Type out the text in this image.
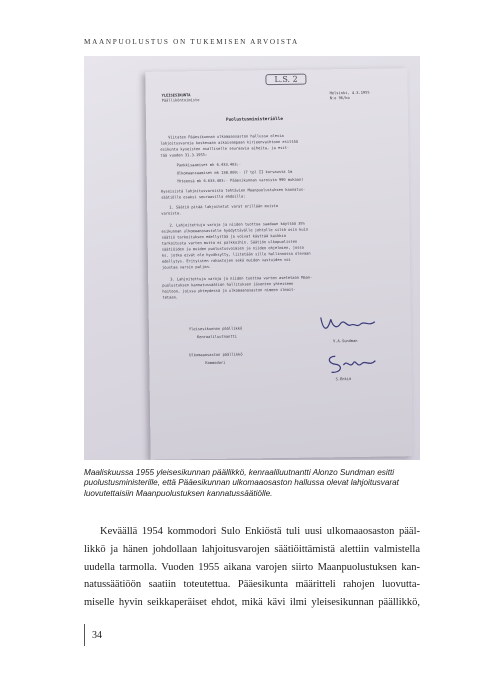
MAANPUOLUSTUS ON TUKEMISEN ARVOISTA
L.S. 2
YLEISESIKUNTA
Päälliköntoimisto
Helsinki, 4.3.1955
N:o 96/ko
Puolustusministeriölle
Viitaten Pääesikunnan ulkomaaosaston hallussa olevia
lahjoitusvaroja koskevaan aikaisempaan kirjeenvaihtoon esittää
esikunta kyseisten osalliselle seuraavia aiheita, ja esit-
tää vuoden 31.3.1955:
Pankkisaamiset mk 6.433.403:-
Ulkomaansaamiset mk 138.000:- (7 tpl II korvausta 1m
Yhteensä mk 6.633.403:- Pääesikunnan varoista 990 mukaan)
Kyseisistä lahjoitusvaroista tehtävien Maanpuolustuksen kannatus-
säätiölle osaksi seuraavilla ehdoilla:
1. Säätiö pitää lahjoitetut varat erillään muista
varoista.
2. Lahjoitettuja varoja ja niiden tuottoa saadaan käyttää 35%
esikunnan ulkomaanosastolle hyödyttävälle johtolle siltä osin kuin
säätiö tarkoituksen edellyttää ja voivat käyttää kaikkia
tarkoitusta varten mutta ei palkkoihin. Säätiön ulkopuolisten
säätiöiden ja muiden puolustusvoimien ja niiden ohjelmien, jossa
ks. jotka eivät ole hyväksytty, liitetään sille hallinnossa olevaan
edellytys. Erityisten rahastojen sekä muiden vastuiden voi
joustaa varsin paljon.
3. Lahjoitettuja varoja ja niiden tuottoa varten asetetaan Maan-
puolustuksen kannatussäätiön hallituksen jäsenten yhteiseen
hoitoon, joissa yhteydessä ja ulkomaanosaston nimeen ilmoit-
tetaan.
Yleisesikunnan päällikkö
Kenraaliluutnantti
Ulkomaaosaston päällikkö
Kommodori
V.A.Sundman
S.Enkiö
Maaliskuussa 1955 yleisesikunnan päällikkö, kenraaliluutnantti Alonzo Sundman esitti puolustusministerille, että Pääesikunnan ulkomaaosaston hallussa olevat lahjoitusvarat luovutettaisiin Maanpuolustuksen kannatussäätiölle.
Keväällä 1954 kommodori Sulo Enkiöstä tuli uusi ulkomaaosaston pääl-
likkö ja hänen johdollaan lahjoitusvarojen säätiöittämistä alettiin valmistella
uudella tarmolla. Vuoden 1955 aikana varojen siirto Maanpuolustuksen kan-
natussäätiöön saatiin toteutettua. Pääesikunta määritteli rahojen luovutta-
miselle hyvin seikkaperäiset ehdot, mikä kävi ilmi yleisesikunnan päällikkö,
34
